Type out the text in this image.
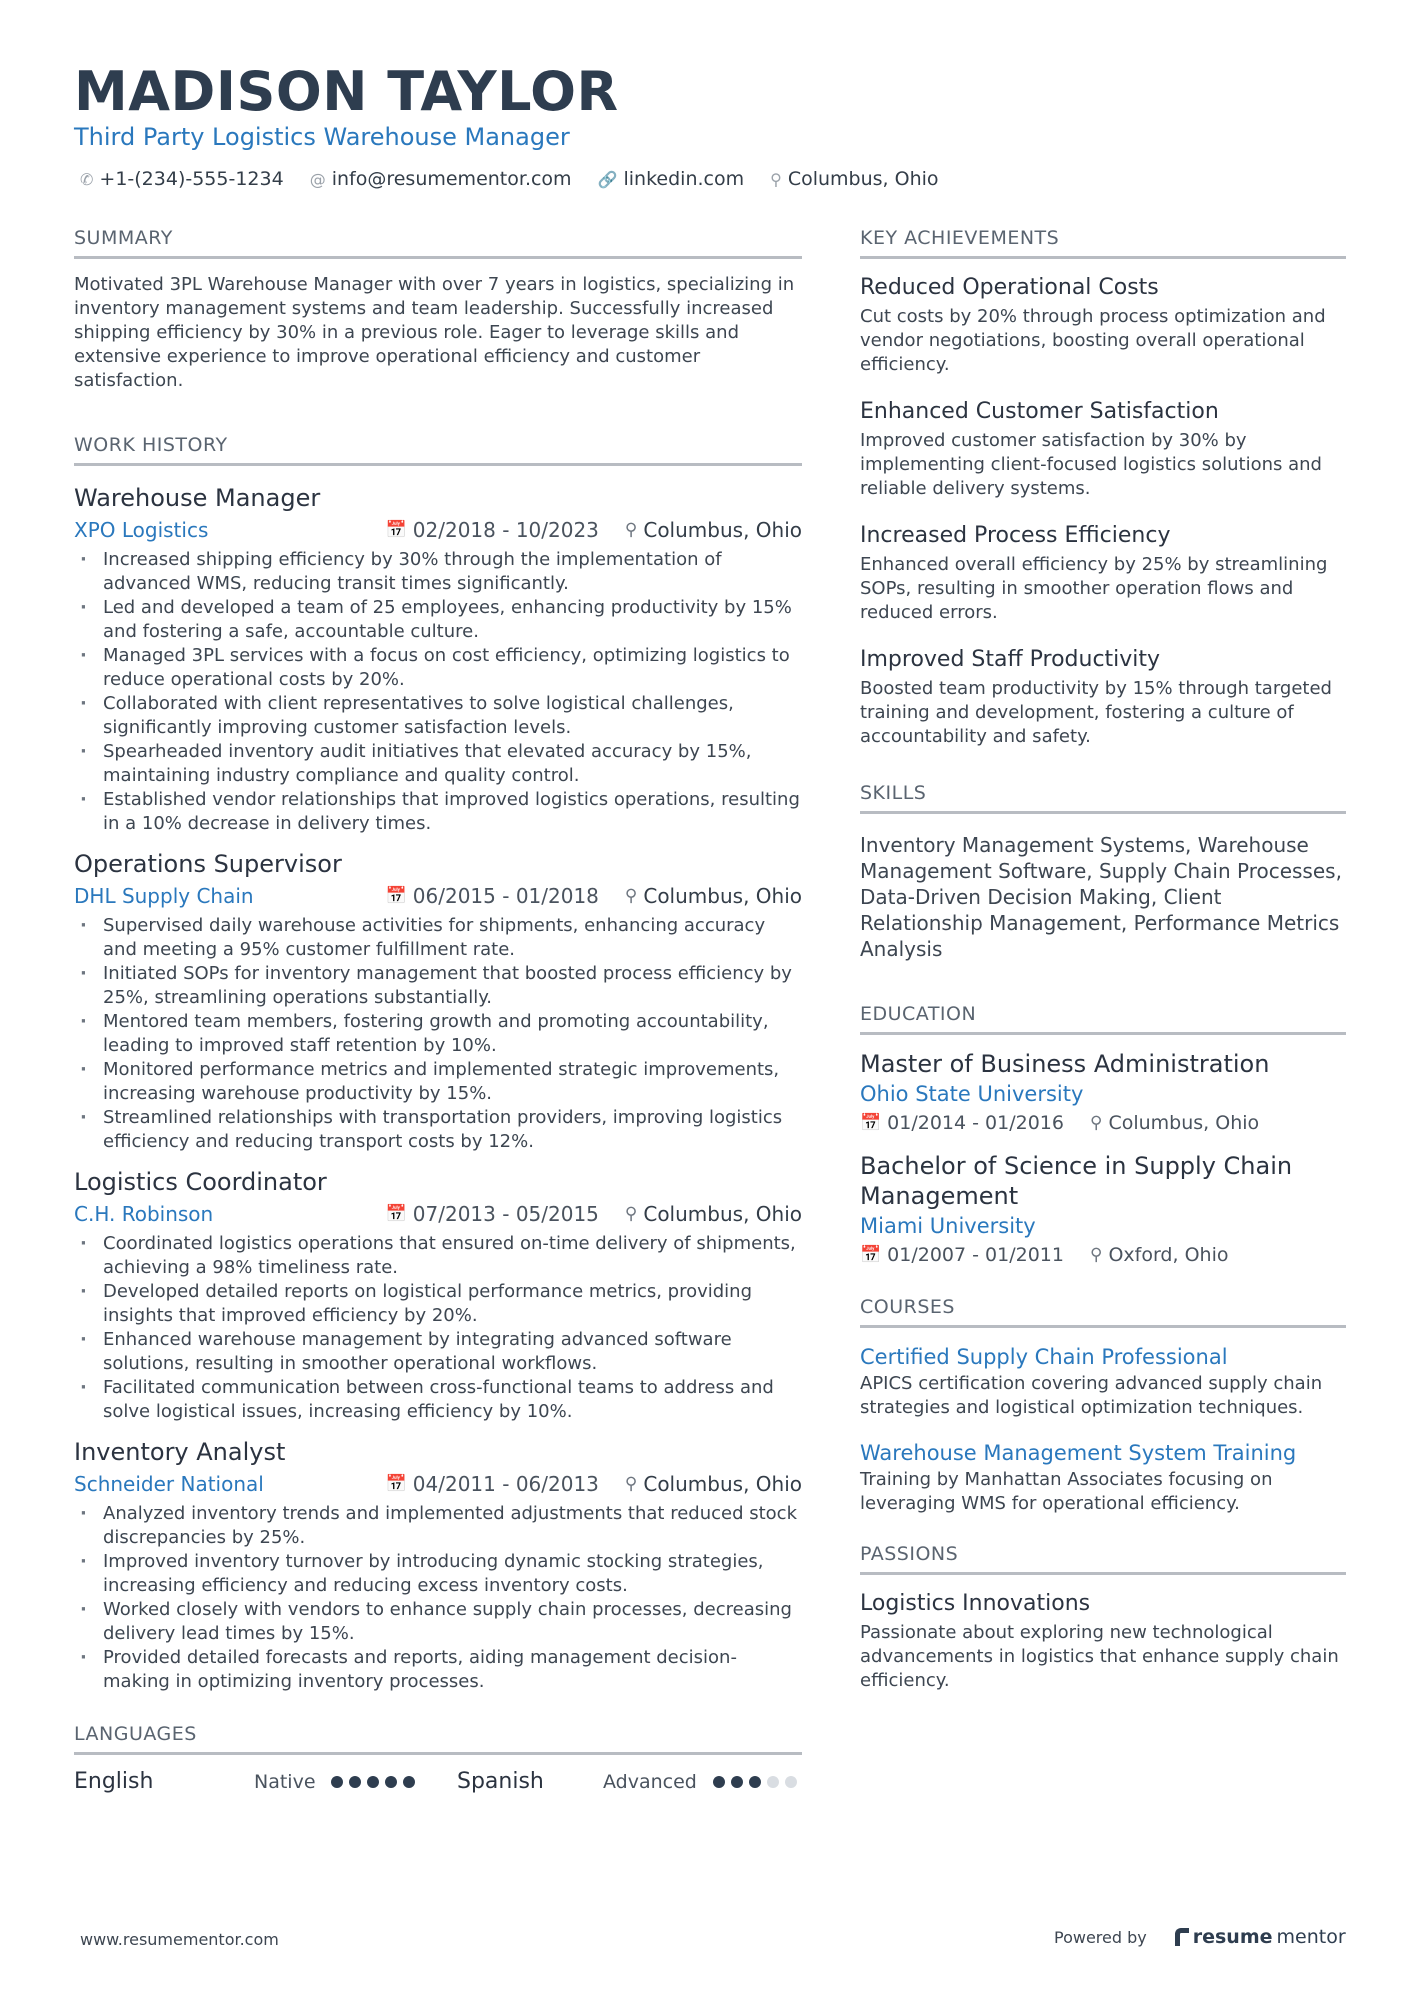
MADISON TAYLOR
Third Party Logistics Warehouse Manager
✆ +1-(234)-555-1234 @ info@resumementor.com 🔗 linkedin.com ⚲ Columbus, Ohio
SUMMARY

Motivated 3PL Warehouse Manager with over 7 years in logistics, specializing in inventory management systems and team leadership. Successfully increased shipping efficiency by 30% in a previous role. Eager to leverage skills and extensive experience to improve operational efficiency and customer satisfaction.

WORK HISTORY
Warehouse Manager
XPO Logistics	📅 02/2018 - 10/2023 ⚲ Columbus, Ohio
· Increased shipping efficiency by 30% through the implementation of advanced WMS, reducing transit times significantly.
· Led and developed a team of 25 employees, enhancing productivity by 15% and fostering a safe, accountable culture.
· Managed 3PL services with a focus on cost efficiency, optimizing logistics to reduce operational costs by 20%.
· Collaborated with client representatives to solve logistical challenges, significantly improving customer satisfaction levels.
· Spearheaded inventory audit initiatives that elevated accuracy by 15%, maintaining industry compliance and quality control.
· Established vendor relationships that improved logistics operations, resulting in a 10% decrease in delivery times.
Operations Supervisor
DHL Supply Chain	📅 06/2015 - 01/2018 ⚲ Columbus, Ohio
· Supervised daily warehouse activities for shipments, enhancing accuracy and meeting a 95% customer fulfillment rate.
· Initiated SOPs for inventory management that boosted process efficiency by 25%, streamlining operations substantially.
· Mentored team members, fostering growth and promoting accountability, leading to improved staff retention by 10%.
· Monitored performance metrics and implemented strategic improvements, increasing warehouse productivity by 15%.
· Streamlined relationships with transportation providers, improving logistics efficiency and reducing transport costs by 12%.
Logistics Coordinator
C.H. Robinson	📅 07/2013 - 05/2015 ⚲ Columbus, Ohio
· Coordinated logistics operations that ensured on-time delivery of shipments, achieving a 98% timeliness rate.
· Developed detailed reports on logistical performance metrics, providing insights that improved efficiency by 20%.
· Enhanced warehouse management by integrating advanced software solutions, resulting in smoother operational workflows.
· Facilitated communication between cross-functional teams to address and solve logistical issues, increasing efficiency by 10%.
Inventory Analyst
Schneider National	📅 04/2011 - 06/2013 ⚲ Columbus, Ohio
· Analyzed inventory trends and implemented adjustments that reduced stock discrepancies by 25%.
· Improved inventory turnover by introducing dynamic stocking strategies, increasing efficiency and reducing excess inventory costs.
· Worked closely with vendors to enhance supply chain processes, decreasing delivery lead times by 15%.
· Provided detailed forecasts and reports, aiding management decision-making in optimizing inventory processes.
LANGUAGES
English	Native	Spanish	Advanced
KEY ACHIEVEMENTS
Reduced Operational Costs

Cut costs by 20% through process optimization and vendor negotiations, boosting overall operational efficiency.

Enhanced Customer Satisfaction

Improved customer satisfaction by 30% by implementing client-focused logistics solutions and reliable delivery systems.

Increased Process Efficiency

Enhanced overall efficiency by 25% by streamlining SOPs, resulting in smoother operation flows and reduced errors.

Improved Staff Productivity

Boosted team productivity by 15% through targeted training and development, fostering a culture of accountability and safety.

SKILLS

Inventory Management Systems, Warehouse Management Software, Supply Chain Processes, Data-Driven Decision Making, Client Relationship Management, Performance Metrics Analysis

EDUCATION
Master of Business Administration
Ohio State University
📅 01/2014 - 01/2016 ⚲ Columbus, Ohio
Bachelor of Science in Supply Chain Management
Miami University
📅 01/2007 - 01/2011 ⚲ Oxford, Ohio
COURSES
Certified Supply Chain Professional

APICS certification covering advanced supply chain strategies and logistical optimization techniques.

Warehouse Management System Training

Training by Manhattan Associates focusing on leveraging WMS for operational efficiency.

PASSIONS
Logistics Innovations

Passionate about exploring new technological advancements in logistics that enhance supply chain efficiency.

www.resumementor.com	Powered by resume mentor
